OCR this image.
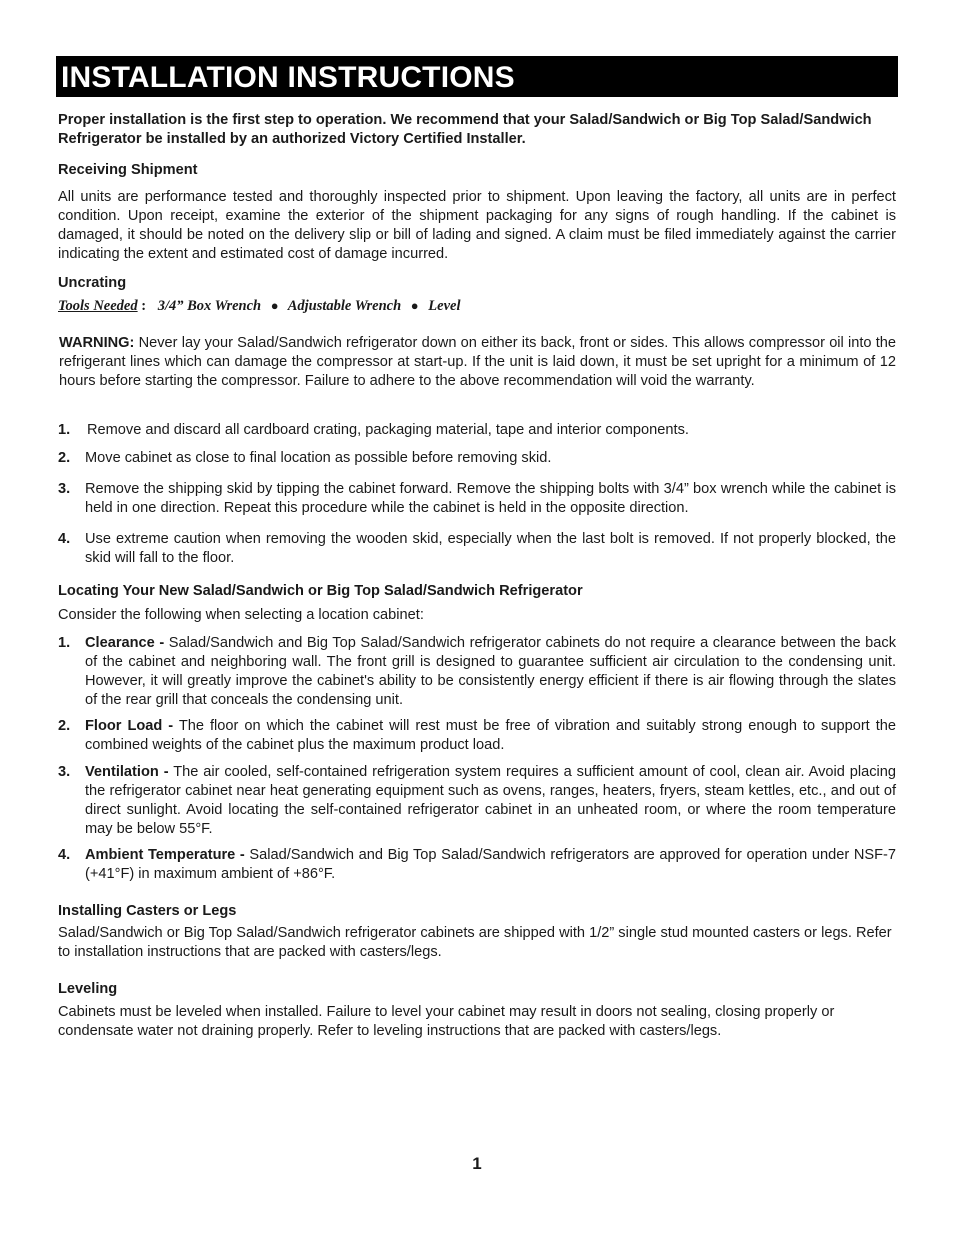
INSTALLATION INSTRUCTIONS
Proper installation is the first step to operation. We recommend that your Salad/Sandwich or Big Top Salad/Sandwich Refrigerator be installed by an authorized Victory Certified Installer.
Receiving Shipment
All units are performance tested and thoroughly inspected prior to shipment. Upon leaving the factory, all units are in perfect condition. Upon receipt, examine the exterior of the shipment packaging for any signs of rough handling. If the cabinet is damaged, it should be noted on the delivery slip or bill of lading and signed. A claim must be filed immediately against the carrier indicating the extent and estimated cost of damage incurred.
Uncrating
Tools Needed : 3/4” Box Wrench ● Adjustable Wrench ● Level
WARNING: Never lay your Salad/Sandwich refrigerator down on either its back, front or sides. This allows compressor oil into the refrigerant lines which can damage the compressor at start-up. If the unit is laid down, it must be set upright for a minimum of 12 hours before starting the compressor. Failure to adhere to the above recommendation will void the warranty.
1. Remove and discard all cardboard crating, packaging material, tape and interior components.
2. Move cabinet as close to final location as possible before removing skid.
3. Remove the shipping skid by tipping the cabinet forward. Remove the shipping bolts with 3/4” box wrench while the cabinet is held in one direction. Repeat this procedure while the cabinet is held in the opposite direction.
4. Use extreme caution when removing the wooden skid, especially when the last bolt is removed. If not properly blocked, the skid will fall to the floor.
Locating Your New Salad/Sandwich or Big Top Salad/Sandwich Refrigerator
Consider the following when selecting a location cabinet:
1. Clearance - Salad/Sandwich and Big Top Salad/Sandwich refrigerator cabinets do not require a clearance between the back of the cabinet and neighboring wall. The front grill is designed to guarantee sufficient air circulation to the condensing unit. However, it will greatly improve the cabinet's ability to be consistently energy efficient if there is air flowing through the slates of the rear grill that conceals the condensing unit.
2. Floor Load - The floor on which the cabinet will rest must be free of vibration and suitably strong enough to support the combined weights of the cabinet plus the maximum product load.
3. Ventilation - The air cooled, self-contained refrigeration system requires a sufficient amount of cool, clean air. Avoid placing the refrigerator cabinet near heat generating equipment such as ovens, ranges, heaters, fryers, steam kettles, etc., and out of direct sunlight. Avoid locating the self-contained refrigerator cabinet in an unheated room, or where the room temperature may be below 55°F.
4. Ambient Temperature - Salad/Sandwich and Big Top Salad/Sandwich refrigerators are approved for operation under NSF-7 (+41°F) in maximum ambient of +86°F.
Installing Casters or Legs
Salad/Sandwich or Big Top Salad/Sandwich refrigerator cabinets are shipped with 1/2” single stud mounted casters or legs. Refer to installation instructions that are packed with casters/legs.
Leveling
Cabinets must be leveled when installed. Failure to level your cabinet may result in doors not sealing, closing properly or condensate water not draining properly. Refer to leveling instructions that are packed with casters/legs.
1
